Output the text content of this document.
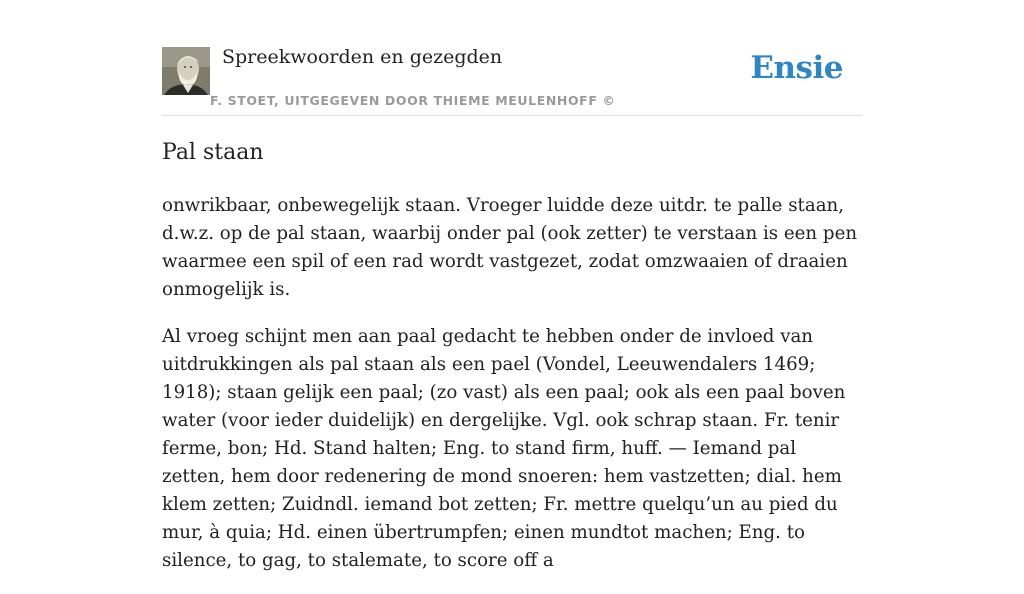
Spreekwoorden en gezegden
F. STOET, UITGEGEVEN DOOR THIEME MEULENHOFF ©
Ensie
Pal staan

onwrikbaar, onbewegelijk staan. Vroeger luidde deze uitdr. te palle staan, d.w.z. op de pal staan, waarbij onder pal (ook zetter) te verstaan is een pen waarmee een spil of een rad wordt vastgezet, zodat omzwaaien of draaien onmogelijk is.

Al vroeg schijnt men aan paal gedacht te hebben onder de invloed van uitdrukkingen als pal staan als een pael (Vondel, Leeuwendalers 1469; 1918); staan gelijk een paal; (zo vast) als een paal; ook als een paal boven water (voor ieder duidelijk) en dergelijke. Vgl. ook schrap staan. Fr. tenir ferme, bon; Hd. Stand halten; Eng. to stand firm, huff. — Iemand pal zetten, hem door redenering de mond snoeren: hem vastzetten; dial. hem klem zetten; Zuidndl. iemand bot zetten; Fr. mettre quelqu’un au pied du mur, à quia; Hd. einen übertrumpfen; einen mundtot machen; Eng. to silence, to gag, to stalemate, to score off a
